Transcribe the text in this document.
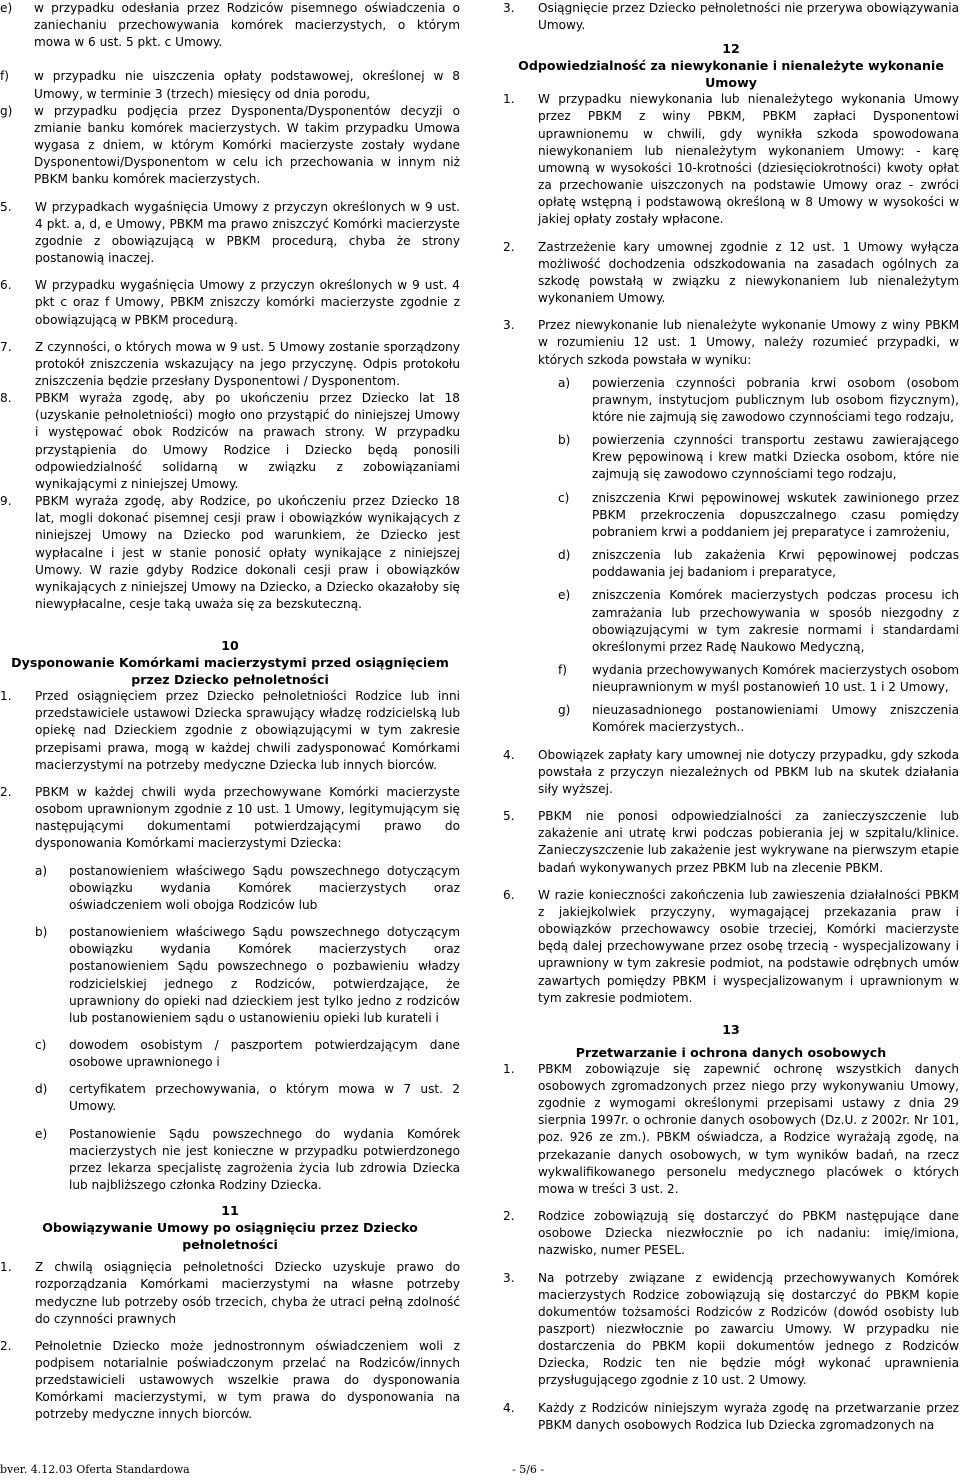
e)	w przypadku odesłania przez Rodziców pisemnego oświadczenia o zaniechaniu przechowywania komórek macierzystych, o którym mowa w 6 ust. 5 pkt. c Umowy.
f)	w przypadku nie uiszczenia opłaty podstawowej, określonej w 8 Umowy, w terminie 3 (trzech) miesięcy od dnia porodu,
g)	w przypadku podjęcia przez Dysponenta/Dysponentów decyzji o zmianie banku komórek macierzystych. W takim przypadku Umowa wygasa z dniem, w którym Komórki macierzyste zostały wydane Dysponentowi/Dysponentom w celu ich przechowania w innym niż PBKM banku komórek macierzystych.
5.	W przypadkach wygaśnięcia Umowy z przyczyn określonych w 9 ust. 4 pkt. a, d, e Umowy, PBKM ma prawo zniszczyć Komórki macierzyste zgodnie z obowiązującą w PBKM procedurą, chyba że strony postanowią inaczej.
6.	W przypadku wygaśnięcia Umowy z przyczyn określonych w 9 ust. 4 pkt c oraz f Umowy, PBKM zniszczy komórki macierzyste zgodnie z obowiązującą w PBKM procedurą.
7.	Z czynności, o których mowa w 9 ust. 5 Umowy zostanie sporządzony protokół zniszczenia wskazujący na jego przyczynę. Odpis protokołu zniszczenia będzie przesłany Dysponentowi / Dysponentom.
8.	PBKM wyraża zgodę, aby po ukończeniu przez Dziecko lat 18 (uzyskanie pełnoletniości) mogło ono przystąpić do niniejszej Umowy i występować obok Rodziców na prawach strony. W przypadku przystąpienia do Umowy Rodzice i Dziecko będą ponosili odpowiedzialność solidarną w związku z zobowiązaniami wynikającymi z niniejszej Umowy.
9.	PBKM wyraża zgodę, aby Rodzice, po ukończeniu przez Dziecko 18 lat, mogli dokonać pisemnej cesji praw i obowiązków wynikających z niniejszej Umowy na Dziecko pod warunkiem, że Dziecko jest wypłacalne i jest w stanie ponosić opłaty wynikające z niniejszej Umowy. W razie gdyby Rodzice dokonali cesji praw i obowiązków wynikających z niniejszej Umowy na Dziecko, a Dziecko okazałoby się niewypłacalne, cesje taką uważa się za bezskuteczną.
10
Dysponowanie Komórkami macierzystymi przed osiągnięciem przez Dziecko pełnoletności
1.	Przed osiągnięciem przez Dziecko pełnoletniości Rodzice lub inni przedstawiciele ustawowi Dziecka sprawujący władzę rodzicielską lub opiekę nad Dzieckiem zgodnie z obowiązującymi w tym zakresie przepisami prawa, mogą w każdej chwili zadysponować Komórkami macierzystymi na potrzeby medyczne Dziecka lub innych biorców.
2.	PBKM w każdej chwili wyda przechowywane Komórki macierzyste osobom uprawnionym zgodnie z 10 ust. 1 Umowy, legitymującym się następującymi dokumentami potwierdzającymi prawo do dysponowania Komórkami macierzystymi Dziecka:
a)	postanowieniem właściwego Sądu powszechnego dotyczącym obowiązku wydania Komórek macierzystych oraz oświadczeniem woli obojga Rodziców lub
b)	postanowieniem właściwego Sądu powszechnego dotyczącym obowiązku wydania Komórek macierzystych oraz postanowieniem Sądu powszechnego o pozbawieniu władzy rodzicielskiej jednego z Rodziców, potwierdzające, że uprawniony do opieki nad dzieckiem jest tylko jedno z rodziców lub postanowieniem sądu o ustanowieniu opieki lub kurateli i
c)	dowodem osobistym / paszportem potwierdzającym dane osobowe uprawnionego i
d)	certyfikatem przechowywania, o którym mowa w 7 ust. 2 Umowy.
e)	Postanowienie Sądu powszechnego do wydania Komórek macierzystych nie jest konieczne w przypadku potwierdzonego przez lekarza specjalistę zagrożenia życia lub zdrowia Dziecka lub najbliższego członka Rodziny Dziecka.
11
Obowiązywanie Umowy po osiągnięciu przez Dziecko pełnoletności
1.	Z chwilą osiągnięcia pełnoletności Dziecko uzyskuje prawo do rozporządzania Komórkami macierzystymi na własne potrzeby medyczne lub potrzeby osób trzecich, chyba że utraci pełną zdolność do czynności prawnych
2.	Pełnoletnie Dziecko może jednostronnym oświadczeniem woli z podpisem notarialnie poświadczonym przelać na Rodziców/innych przedstawicieli ustawowych wszelkie prawa do dysponowania Komórkami macierzystymi, w tym prawa do dysponowania na potrzeby medyczne innych biorców.
3.	Osiągnięcie przez Dziecko pełnoletności nie przerywa obowiązywania Umowy.
12
Odpowiedzialność za niewykonanie i nienależyte wykonanie Umowy
1.	W przypadku niewykonania lub nienależytego wykonania Umowy przez PBKM z winy PBKM, PBKM zapłaci Dysponentowi uprawnionemu w chwili, gdy wynikła szkoda spowodowana niewykonaniem lub nienależytym wykonaniem Umowy: - karę umowną w wysokości 10-krotności (dziesięciokrotności) kwoty opłat za przechowanie uiszczonych na podstawie Umowy oraz - zwróci opłatę wstępną i podstawową określoną w 8 Umowy w wysokości w jakiej opłaty zostały wpłacone.
2.	Zastrzeżenie kary umownej zgodnie z 12 ust. 1 Umowy wyłącza możliwość dochodzenia odszkodowania na zasadach ogólnych za szkodę powstałą w związku z niewykonaniem lub nienależytym wykonaniem Umowy.
3.	Przez niewykonanie lub nienależyte wykonanie Umowy z winy PBKM w rozumieniu 12 ust. 1 Umowy, należy rozumieć przypadki, w których szkoda powstała w wyniku:
a)	powierzenia czynności pobrania krwi osobom (osobom prawnym, instytucjom publicznym lub osobom fizycznym), które nie zajmują się zawodowo czynnościami tego rodzaju,
b)	powierzenia czynności transportu zestawu zawierającego Krew pępowinową i krew matki Dziecka osobom, które nie zajmują się zawodowo czynnościami tego rodzaju,
c)	zniszczenia Krwi pępowinowej wskutek zawinionego przez PBKM przekroczenia dopuszczalnego czasu pomiędzy pobraniem krwi a poddaniem jej preparatyce i zamrożeniu,
d)	zniszczenia lub zakażenia Krwi pępowinowej podczas poddawania jej badaniom i preparatyce,
e)	zniszczenia Komórek macierzystych podczas procesu ich zamrażania lub przechowywania w sposób niezgodny z obowiązującymi w tym zakresie normami i standardami określonymi przez Radę Naukowo Medyczną,
f)	wydania przechowywanych Komórek macierzystych osobom nieuprawnionym w myśl postanowień 10 ust. 1 i 2 Umowy,
g)	nieuzasadnionego postanowieniami Umowy zniszczenia Komórek macierzystych..
4.	Obowiązek zapłaty kary umownej nie dotyczy przypadku, gdy szkoda powstała z przyczyn niezależnych od PBKM lub na skutek działania siły wyższej.
5.	PBKM nie ponosi odpowiedzialności za zanieczyszczenie lub zakażenie ani utratę krwi podczas pobierania jej w szpitalu/klinice. Zanieczyszczenie lub zakażenie jest wykrywane na pierwszym etapie badań wykonywanych przez PBKM lub na zlecenie PBKM.
6.	W razie konieczności zakończenia lub zawieszenia działalności PBKM z jakiejkolwiek przyczyny, wymagającej przekazania praw i obowiązków przechowawcy osobie trzeciej, Komórki macierzyste będą dalej przechowywane przez osobę trzecią - wyspecjalizowany i uprawniony w tym zakresie podmiot, na podstawie odrębnych umów zawartych pomiędzy PBKM i wyspecjalizowanym i uprawnionym w tym zakresie podmiotem.
13
Przetwarzanie i ochrona danych osobowych
1.	PBKM zobowiązuje się zapewnić ochronę wszystkich danych osobowych zgromadzonych przez niego przy wykonywaniu Umowy, zgodnie z wymogami określonymi przepisami ustawy z dnia 29 sierpnia 1997r. o ochronie danych osobowych (Dz.U. z 2002r. Nr 101, poz. 926 ze zm.). PBKM oświadcza, a Rodzice wyrażają zgodę, na przekazanie danych osobowych, w tym wyników badań, na rzecz wykwalifikowanego personelu medycznego placówek o których mowa w treści 3 ust. 2.
2.	Rodzice zobowiązują się dostarczyć do PBKM następujące dane osobowe Dziecka niezwłocznie po ich nadaniu: imię/imiona, nazwisko, numer PESEL.
3.	Na potrzeby związane z ewidencją przechowywanych Komórek macierzystych Rodzice zobowiązują się dostarczyć do PBKM kopie dokumentów tożsamości Rodziców z Rodziców (dowód osobisty lub paszport) niezwłocznie po zawarciu Umowy. W przypadku nie dostarczenia do PBKM kopii dokumentów jednego z Rodziców Dziecka, Rodzic ten nie będzie mógł wykonać uprawnienia przysługującego zgodnie z 10 ust. 2 Umowy.
4.	Każdy z Rodziców niniejszym wyraża zgodę na przetwarzanie przez PBKM danych osobowych Rodzica lub Dziecka zgromadzonych na
bver. 4.12.03 Oferta Standardowa	- 5/6 -
